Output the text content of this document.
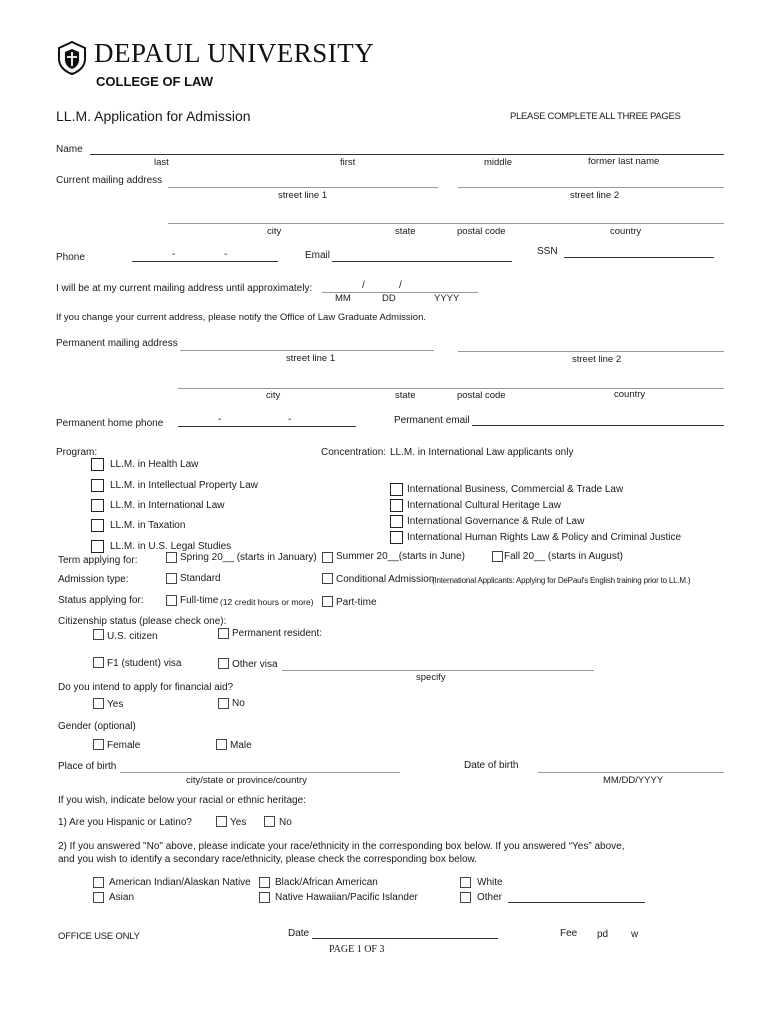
DEPAUL UNIVERSITY
COLLEGE OF LAW
LL.M. Application for Admission	PLEASE COMPLETE ALL THREE PAGES
Name
last	first	middle	former last name
Current mailing address
street line 1	street line 2
city	state	postal code	country
Phone	-	-	Email	SSN
I will be at my current mailing address until approximately:	/	/
MM	DD	YYYY
If you change your current address, please notify the Office of Law Graduate Admission.
Permanent mailing address
street line 1	street line 2
city	state	postal code	country
Permanent home phone	-	-	Permanent email
Program:
LL.M. in Health Law
LL.M. in Intellectual Property Law
LL.M. in International Law
LL.M. in Taxation
LL.M. in U.S. Legal Studies
Concentration: LL.M. in International Law applicants only
International Business, Commercial & Trade Law
International Cultural Heritage Law
International Governance & Rule of Law
International Human Rights Law & Policy and Criminal Justice
Term applying for:	Spring 20__ (starts in January) Summer 20__(starts in June)	Fall 20__ (starts in August)
Admission type:	Standard	Conditional Admission
(International Applicants: Applying for DePaul's English training prior to LL.M.)
Status applying for:	Full-time (12 credit hours or more) Part-time
Citizenship status (please check one):
U.S. citizen	Permanent resident:
F1 (student) visa	Other visa
specify
Do you intend to apply for financial aid?
Yes	No
Gender (optional)
Female	Male
Place of birth
city/state or province/country
Date of birth
MM/DD/YYYY
If you wish, indicate below your racial or ethnic heritage:
1) Are you Hispanic or Latino?	Yes	No
2) If you answered "No" above, please indicate your race/ethnicity in the corresponding box below. If you answered “Yes” above,
and you wish to identify a secondary race/ethnicity, please check the corresponding box below.
American Indian/Alaskan Native Black/African American	White
Asian	Native Hawaiian/Pacific Islander	Other
OFFICE USE ONLY	Date	Fee pd w
PAGE 1 OF 3
